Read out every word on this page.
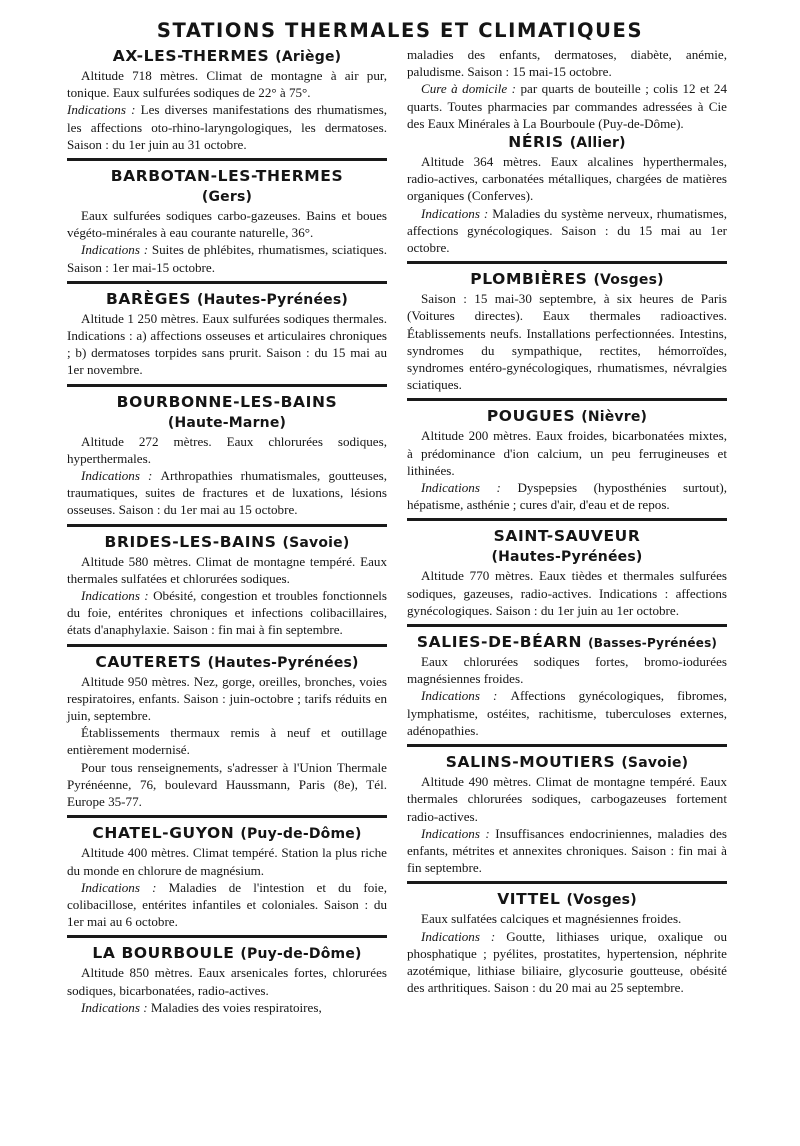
STATIONS THERMALES ET CLIMATIQUES
AX-LES-THERMES (Ariège)

Altitude 718 mètres. Climat de montagne à air pur, tonique. Eaux sulfurées sodiques de 22° à 75°.

Indications : Les diverses manifestations des rhumatismes, les affections oto-rhino-laryngologiques, les dermatoses. Saison : du 1er juin au 31 octobre.

BARBOTAN-LES-THERMES
(Gers)

Eaux sulfurées sodiques carbo-gazeuses. Bains et boues végéto-minérales à eau courante naturelle, 36°.

Indications : Suites de phlébites, rhumatismes, sciatiques. Saison : 1er mai-15 octobre.

BARÈGES (Hautes-Pyrénées)

Altitude 1 250 mètres. Eaux sulfurées sodiques thermales. Indications : a) affections osseuses et articulaires chroniques ; b) dermatoses torpides sans prurit. Saison : du 15 mai au 1er novembre.

BOURBONNE-LES-BAINS
(Haute-Marne)

Altitude 272 mètres. Eaux chlorurées sodiques, hyperthermales.

Indications : Arthropathies rhumatismales, goutteuses, traumatiques, suites de fractures et de luxations, lésions osseuses. Saison : du 1er mai au 15 octobre.

BRIDES-LES-BAINS (Savoie)

Altitude 580 mètres. Climat de montagne tempéré. Eaux thermales sulfatées et chlorurées sodiques.

Indications : Obésité, congestion et troubles fonctionnels du foie, entérites chroniques et infections colibacillaires, états d'anaphylaxie. Saison : fin mai à fin septembre.

CAUTERETS (Hautes-Pyrénées)

Altitude 950 mètres. Nez, gorge, oreilles, bronches, voies respiratoires, enfants. Saison : juin-octobre ; tarifs réduits en juin, septembre.

Établissements thermaux remis à neuf et outillage entièrement modernisé.

Pour tous renseignements, s'adresser à l'Union Thermale Pyrénéenne, 76, boulevard Haussmann, Paris (8e), Tél. Europe 35-77.

CHATEL-GUYON (Puy-de-Dôme)

Altitude 400 mètres. Climat tempéré. Station la plus riche du monde en chlorure de magnésium.

Indications : Maladies de l'intestion et du foie, colibacillose, entérites infantiles et coloniales. Saison : du 1er mai au 6 octobre.

LA BOURBOULE (Puy-de-Dôme)

Altitude 850 mètres. Eaux arsenicales fortes, chlorurées sodiques, bicarbonatées, radio-actives.

Indications : Maladies des voies respiratoires,

maladies des enfants, dermatoses, diabète, anémie, paludisme. Saison : 15 mai-15 octobre.

Cure à domicile : par quarts de bouteille ; colis 12 et 24 quarts. Toutes pharmacies par commandes adressées à Cie des Eaux Minérales à La Bourboule (Puy-de-Dôme).

NÉRIS (Allier)

Altitude 364 mètres. Eaux alcalines hyperthermales, radio-actives, carbonatées métalliques, chargées de matières organiques (Conferves).

Indications : Maladies du système nerveux, rhumatismes, affections gynécologiques. Saison : du 15 mai au 1er octobre.

PLOMBIÈRES (Vosges)

Saison : 15 mai-30 septembre, à six heures de Paris (Voitures directes). Eaux thermales radioactives. Établissements neufs. Installations perfectionnées. Intestins, syndromes du sympathique, rectites, hémorroïdes, syndromes entéro-gynécologiques, rhumatismes, névralgies sciatiques.

POUGUES (Nièvre)

Altitude 200 mètres. Eaux froides, bicarbonatées mixtes, à prédominance d'ion calcium, un peu ferrugineuses et lithinées.

Indications : Dyspepsies (hyposthénies surtout), hépatisme, asthénie ; cures d'air, d'eau et de repos.

SAINT-SAUVEUR
(Hautes-Pyrénées)

Altitude 770 mètres. Eaux tièdes et thermales sulfurées sodiques, gazeuses, radio-actives. Indications : affections gynécologiques. Saison : du 1er juin au 1er octobre.

SALIES-DE-BÉARN (Basses-Pyrénées)

Eaux chlorurées sodiques fortes, bromo-iodurées magnésiennes froides.

Indications : Affections gynécologiques, fibromes, lymphatisme, ostéites, rachitisme, tuberculoses externes, adénopathies.

SALINS-MOUTIERS (Savoie)

Altitude 490 mètres. Climat de montagne tempéré. Eaux thermales chlorurées sodiques, carbogazeuses fortement radio-actives.

Indications : Insuffisances endocriniennes, maladies des enfants, métrites et annexites chroniques. Saison : fin mai à fin septembre.

VITTEL (Vosges)

Eaux sulfatées calciques et magnésiennes froides.

Indications : Goutte, lithiases urique, oxalique ou phosphatique ; pyélites, prostatites, hypertension, néphrite azotémique, lithiase biliaire, glycosurie goutteuse, obésité des arthritiques. Saison : du 20 mai au 25 septembre.
